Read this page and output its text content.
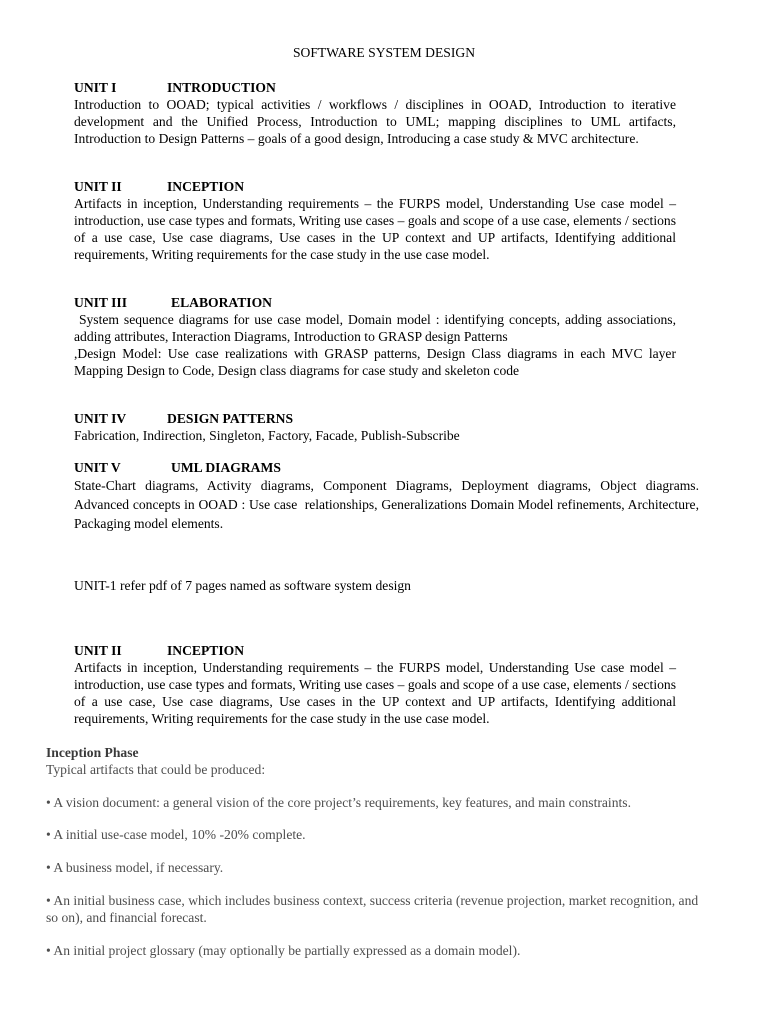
SOFTWARE SYSTEM DESIGN
UNIT I	INTRODUCTION

Introduction to OOAD; typical activities / workflows / disciplines in OOAD, Introduction to iterative development and the Unified Process, Introduction to UML; mapping disciplines to UML artifacts, Introduction to Design Patterns – goals of a good design, Introducing a case study & MVC architecture.

UNIT II	INCEPTION

Artifacts in inception, Understanding requirements – the FURPS model, Understanding Use case model – introduction, use case types and formats, Writing use cases – goals and scope of a use case, elements / sections of a use case, Use case diagrams, Use cases in the UP context and UP artifacts, Identifying additional requirements, Writing requirements for the case study in the use case model.

UNIT III	ELABORATION

System sequence diagrams for use case model, Domain model : identifying concepts, adding associations, adding attributes, Interaction Diagrams, Introduction to GRASP design Patterns

,Design Model: Use case realizations with GRASP patterns, Design Class diagrams in each MVC layer Mapping Design to Code, Design class diagrams for case study and skeleton code

UNIT IV	DESIGN PATTERNS

Fabrication, Indirection, Singleton, Factory, Facade, Publish-Subscribe

UNIT V	UML DIAGRAMS

State-Chart diagrams, Activity diagrams, Component Diagrams, Deployment diagrams, Object diagrams. Advanced concepts in OOAD : Use case  relationships, Generalizations Domain Model refinements, Architecture, Packaging model elements.

UNIT-1 refer pdf of 7 pages named as software system design
UNIT II	INCEPTION

Artifacts in inception, Understanding requirements – the FURPS model, Understanding Use case model – introduction, use case types and formats, Writing use cases – goals and scope of a use case, elements / sections of a use case, Use case diagrams, Use cases in the UP context and UP artifacts, Identifying additional requirements, Writing requirements for the case study in the use case model.

Inception Phase
Typical artifacts that could be produced:
• A vision document: a general vision of the core project’s requirements, key features, and main constraints.
• A initial use-case model, 10% -20% complete.
• A business model, if necessary.
• An initial business case, which includes business context, success criteria (revenue projection, market recognition, and so on), and financial forecast.
• An initial project glossary (may optionally be partially expressed as a domain model).
